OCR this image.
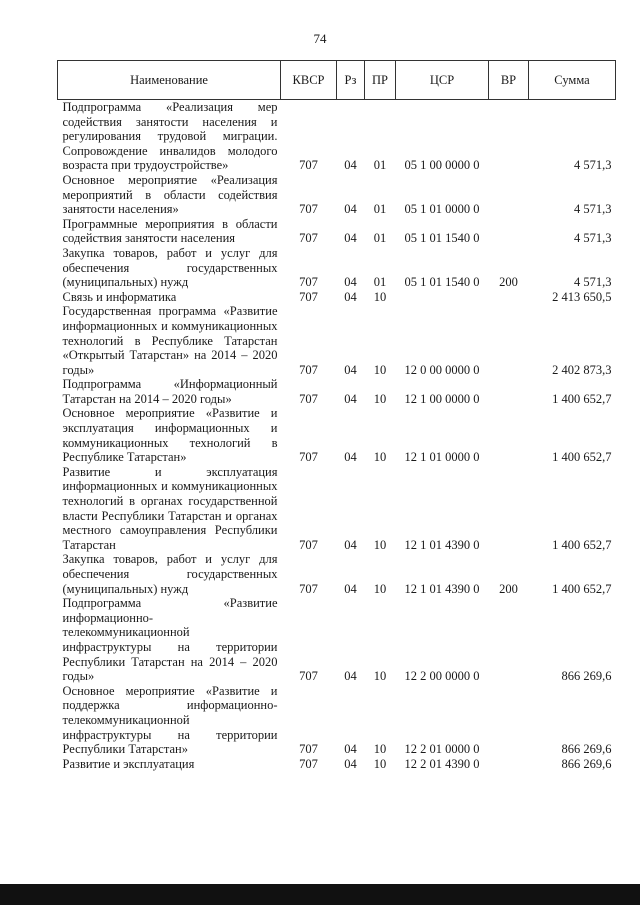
74
Наименование	КВСР	Рз	ПР	ЦСР	ВР	Сумма
Подпрограмма «Реализация мер содействия занятости населения и регулирования трудовой миграции. Сопровождение инвалидов молодого возраста при трудоустройстве»	707	04	01	05 1 00 0000 0		4 571,3
Основное мероприятие «Реализация мероприятий в области содействия занятости населения»	707	04	01	05 1 01 0000 0		4 571,3
Программные мероприятия в области содействия занятости населения	707	04	01	05 1 01 1540 0		4 571,3
Закупка товаров, работ и услуг для обеспечения государственных (муниципальных) нужд	707	04	01	05 1 01 1540 0	200	4 571,3
Связь и информатика	707	04	10			2 413 650,5
Государственная программа «Развитие информационных и коммуникационных технологий в Республике Татарстан «Открытый Татарстан» на 2014 – 2020 годы»	707	04	10	12 0 00 0000 0		2 402 873,3
Подпрограмма «Информационный Татарстан на 2014 – 2020 годы»	707	04	10	12 1 00 0000 0		1 400 652,7
Основное мероприятие «Развитие и эксплуатация информационных и коммуникационных технологий в Республике Татарстан»	707	04	10	12 1 01 0000 0		1 400 652,7
Развитие и эксплуатация информационных и коммуникационных технологий в органах государственной власти Республики Татарстан и органах местного самоуправления Республики Татарстан	707	04	10	12 1 01 4390 0		1 400 652,7
Закупка товаров, работ и услуг для обеспечения государственных (муниципальных) нужд	707	04	10	12 1 01 4390 0	200	1 400 652,7
Подпрограмма «Развитие информационно-телекоммуникационной инфраструктуры на территории Республики Татарстан на 2014 – 2020 годы»	707	04	10	12 2 00 0000 0		866 269,6
Основное мероприятие «Развитие и поддержка информационно-телекоммуникационной инфраструктуры на территории Республики Татарстан»	707	04	10	12 2 01 0000 0		866 269,6
Развитие и эксплуатация	707	04	10	12 2 01 4390 0		866 269,6
